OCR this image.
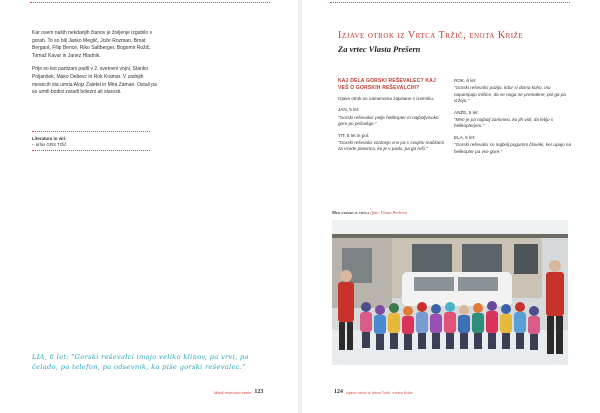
Kar osem naših nekdanjih članov je življenje izgubilo v gorah. To so bili Janko Meglič, Jože Rozman, Brnat Bergant, Filip Bence, Riko Saltberger, Bogomir Rožič, Tomaž Kavar in Janez Hladnik.

Prije so kot partizani padli v 2. svetovni vojni, Stanko Poljanšek, Mako Debevc in Rok Kramar. V zadnjih mesecih sta umrla Alojz Zaletel in Mira Zaman. Ostali pa so umrli bodisi zaradi bolezni ali starosti.

Literatura in viri:
– arhiv GRS Tržič
LIA, 6 let: "Gorski reševalci imajo veliko klinov, pa vrvi, pa čelado, pa telefon, pa odsevnik, ka piše gorski reševalec."
Mladi reševalci strele 123
Izjave otrok iz Vrtca Tržič, enota Križe
Za vrtec Vlasta Prešern
KAJ DELA GORSKI REŠEVALEC? KAJ VEŠ O GORSKIH REŠEVALCIH?

Izjave otrok so namenoma zapisane v izvirniku.

JAN, 5 let:

"Gorski reševalec pelje helikopter in najboljvisoko gore po pečaduje."

TIT, 5 let in pol:

"Gorski reševalci vzamejo vrvi pa s svojimi mačkami za vsede planinca, ko je v padu, pa ga reši."

ROK, 6 let:

"Gorski reševalci pazijo, kdor si doma koho, mu napumpajo mišice, da se noga ne premakne, pol ga pa vržejo."

ANŽE, 5 let:

"Men je pa najbolj zanimivo, ko jih vidi, da letijo s helikopterjem."

ELA, 5 let:

"Gorski reševalci so najbolj pogumni človeki, ker upajo na helikopter pa vse gore."

Med otroki iz vrtca (foto: Vlasta Prešern)
124 Izjave otrok iz Vrtca Tržič, enota Križe
